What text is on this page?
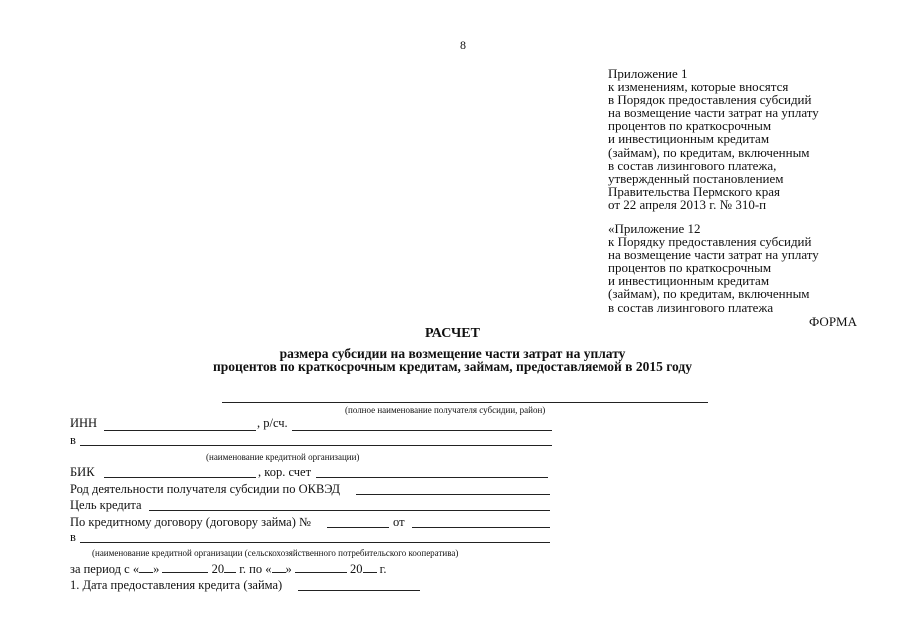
8
Приложение 1
к изменениям, которые вносятся
в Порядок предоставления субсидий
на возмещение части затрат на уплату
процентов по краткосрочным
и инвестиционным кредитам
(займам), по кредитам, включенным
в состав лизингового платежа,
утвержденный постановлением
Правительства Пермского края
от 22 апреля 2013 г. № 310-п
«Приложение 12
к Порядку предоставления субсидий
на возмещение части затрат на уплату
процентов по краткосрочным
и инвестиционным кредитам
(займам), по кредитам, включенным
в состав лизингового платежа
ФОРМА
РАСЧЕТ
размера субсидии на возмещение части затрат на уплату
процентов по краткосрочным кредитам, займам, предоставляемой в 2015 году
(полное наименование получателя субсидии, район)
ИНН	, р/сч.
в
(наименование кредитной организации)
БИК	, кор. счет
Род деятельности получателя субсидии по ОКВЭД
Цель кредита
По кредитному договору (договору займа) №	от
в
(наименование кредитной организации (сельскохозяйственного потребительского кооператива)
за период с « »	20 г. по « »	20 г.
1. Дата предоставления кредита (займа)
